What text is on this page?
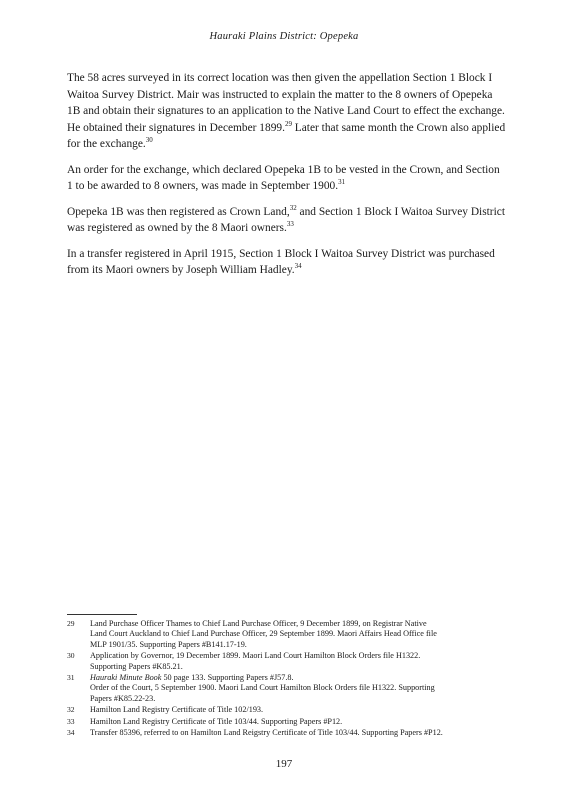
Hauraki Plains District: Opepeka

The 58 acres surveyed in its correct location was then given the appellation Section 1 Block I Waitoa Survey District. Mair was instructed to explain the matter to the 8 owners of Opepeka 1B and obtain their signatures to an application to the Native Land Court to effect the exchange. He obtained their signatures in December 1899.29 Later that same month the Crown also applied for the exchange.$^{30}$

An order for the exchange, which declared Opepeka 1B to be vested in the Crown, and Section 1 to be awarded to 8 owners, was made in September 1900.31

Opepeka 1B was then registered as Crown Land,$^{32}$ and Section 1 Block I Waitoa Survey District was registered as owned by the 8 Maori owners.$^{33}$

In a transfer registered in April 1915, Section 1 Block I Waitoa Survey District was purchased from its Maori owners by Joseph William Hadley.$^{34}$

29	Land Purchase Officer Thames to Chief Land Purchase Officer, 9 December 1899, on Registrar Native
Land Court Auckland to Chief Land Purchase Officer, 29 September 1899. Maori Affairs Head Office file
MLP 1901/35. Supporting Papers #B141.17-19.
30	Application by Governor, 19 December 1899. Maori Land Court Hamilton Block Orders file H1322.
Supporting Papers #K85.21.
31	Hauraki Minute Book 50 page 133. Supporting Papers #J57.8.
Order of the Court, 5 September 1900. Maori Land Court Hamilton Block Orders file H1322. Supporting
Papers #K85.22-23.
32	Hamilton Land Registry Certificate of Title 102/193.
33	Hamilton Land Registry Certificate of Title 103/44. Supporting Papers #P12.
34	Transfer 85396, referred to on Hamilton Land Reigstry Certificate of Title 103/44. Supporting Papers #P12.
197
